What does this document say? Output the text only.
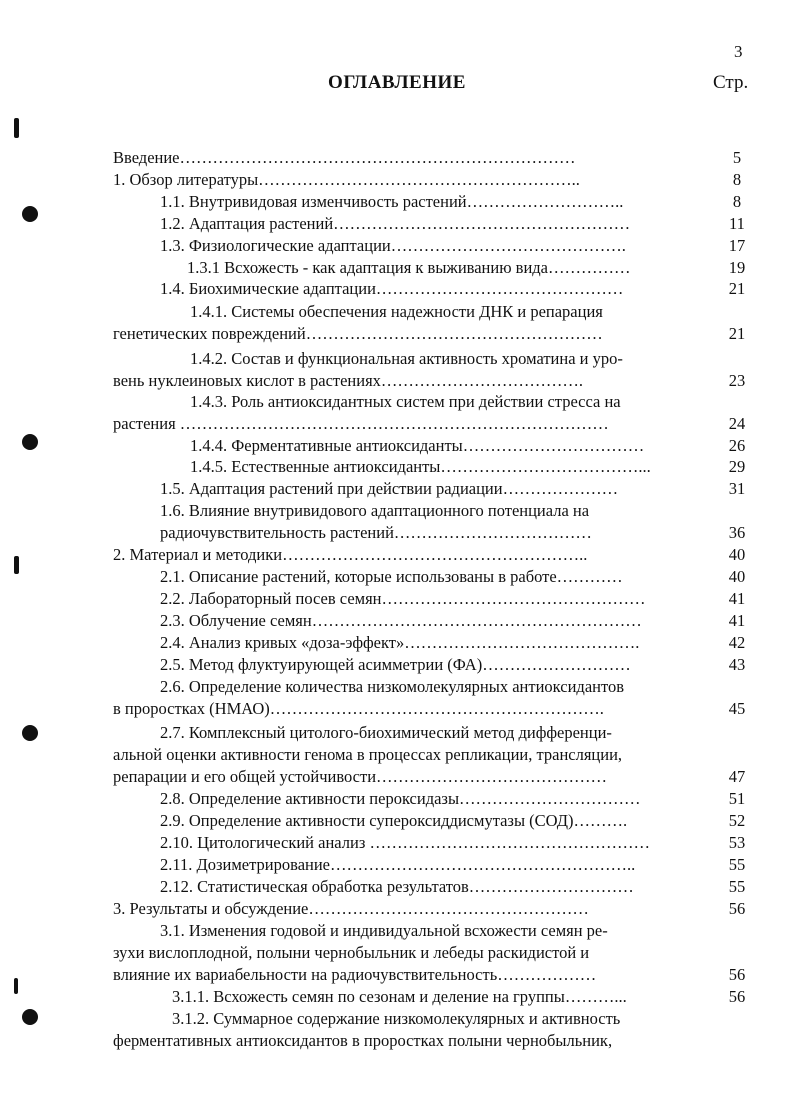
3
ОГЛАВЛЕНИЕ	Стр.
Введение………………………………………………………………	5
1. Обзор литературы…………………………………………………..	8
1.1. Внутривидовая изменчивость растений………………………..	8
1.2. Адаптация растений………………………………………………	11
1.3. Физиологические адаптации…………………………………….	17
1.3.1 Всхожесть - как адаптация к выживанию вида……………	19
1.4. Биохимические адаптации………………………………………	21
1.4.1. Системы обеспечения надежности ДНК и репарация
генетических повреждений………………………………………………	21
1.4.2. Состав и функциональная активность хроматина и уро-
вень нуклеиновых кислот в растениях……………………………….	23
1.4.3. Роль антиоксидантных систем при действии стресса на
растения ……………………………………………………………………	24
1.4.4. Ферментативные антиоксиданты……………………………	26
1.4.5. Естественные антиоксиданты………………………………...	29
1.5. Адаптация растений при действии радиации…………………	31
1.6. Влияние внутривидового адаптационного потенциала на
радиочувствительность растений………………………………	36
2. Материал и методики………………………………………………..	40
2.1. Описание растений, которые использованы в работе…………	40
2.2. Лабораторный посев семян…………………………………………	41
2.3. Облучение семян……………………………………………………	41
2.4. Анализ кривых «доза-эффект»…………………………………….	42
2.5. Метод флуктуирующей асимметрии (ФА)………………………	43
2.6. Определение количества низкомолекулярных антиоксидантов
в проростках (НМАО)…………………………………………………….	45
2.7. Комплексный цитолого-биохимический метод дифференци-
альной оценки активности генома в процессах репликации, трансляции,
репарации и его общей устойчивости……………………………………	47
2.8. Определение активности пероксидазы……………………………	51
2.9. Определение активности супероксиддисмутазы (СОД)……….	52
2.10. Цитологический анализ ……………………………………………	53
2.11. Дозиметрирование………………………………………………..	55
2.12. Статистическая обработка результатов…………………………	55
3. Результаты и обсуждение……………………………………………	56
3.1. Изменения годовой и индивидуальной всхожести семян ре-
зухи вислоплодной, полыни чернобыльник и лебеды раскидистой и
влияние их вариабельности на радиочувствительность………………	56
3.1.1. Всхожесть семян по сезонам и деление на группы………...	56
3.1.2. Суммарное содержание низкомолекулярных и активность
ферментативных антиоксидантов в проростках полыни чернобыльник,
